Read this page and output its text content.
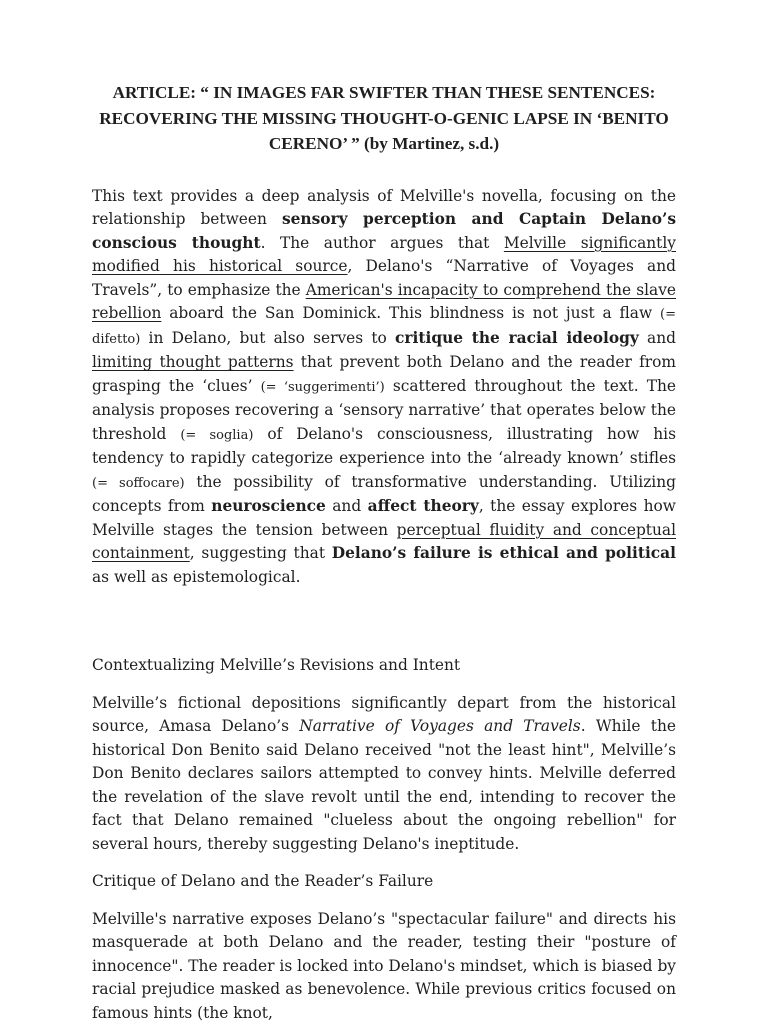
ARTICLE: “ IN IMAGES FAR SWIFTER THAN THESE SENTENCES:
RECOVERING THE MISSING THOUGHT-O-GENIC LAPSE IN ‘BENITO
CERENO’ ” (by Martinez, s.d.)

This text provides a deep analysis of Melville's novella, focusing on the relationship between sensory perception and Captain Delano’s conscious thought. The author argues that Melville significantly modified his historical source, Delano's “Narrative of Voyages and Travels”, to emphasize the American's incapacity to comprehend the slave rebellion aboard the San Dominick. This blindness is not just a flaw (= difetto) in Delano, but also serves to critique the racial ideology and limiting thought patterns that prevent both Delano and the reader from grasping the ‘clues’ (= ‘suggerimenti’) scattered throughout the text. The analysis proposes recovering a ‘sensory narrative’ that operates below the threshold (= soglia) of Delano's consciousness, illustrating how his tendency to rapidly categorize experience into the ‘already known’ stifles (= soffocare) the possibility of transformative understanding. Utilizing concepts from neuroscience and affect theory, the essay explores how Melville stages the tension between perceptual fluidity and conceptual containment, suggesting that Delano’s failure is ethical and political as well as epistemological.

Contextualizing Melville’s Revisions and Intent

Melville’s fictional depositions significantly depart from the historical source, Amasa Delano’s Narrative of Voyages and Travels. While the historical Don Benito said Delano received "not the least hint", Melville’s Don Benito declares sailors attempted to convey hints. Melville deferred the revelation of the slave revolt until the end, intending to recover the fact that Delano remained "clueless about the ongoing rebellion" for several hours, thereby suggesting Delano's ineptitude.

Critique of Delano and the Reader’s Failure

Melville's narrative exposes Delano’s "spectacular failure" and directs his masquerade at both Delano and the reader, testing their "posture of innocence". The reader is locked into Delano's mindset, which is biased by racial prejudice masked as benevolence. While previous critics focused on famous hints (the knot,
